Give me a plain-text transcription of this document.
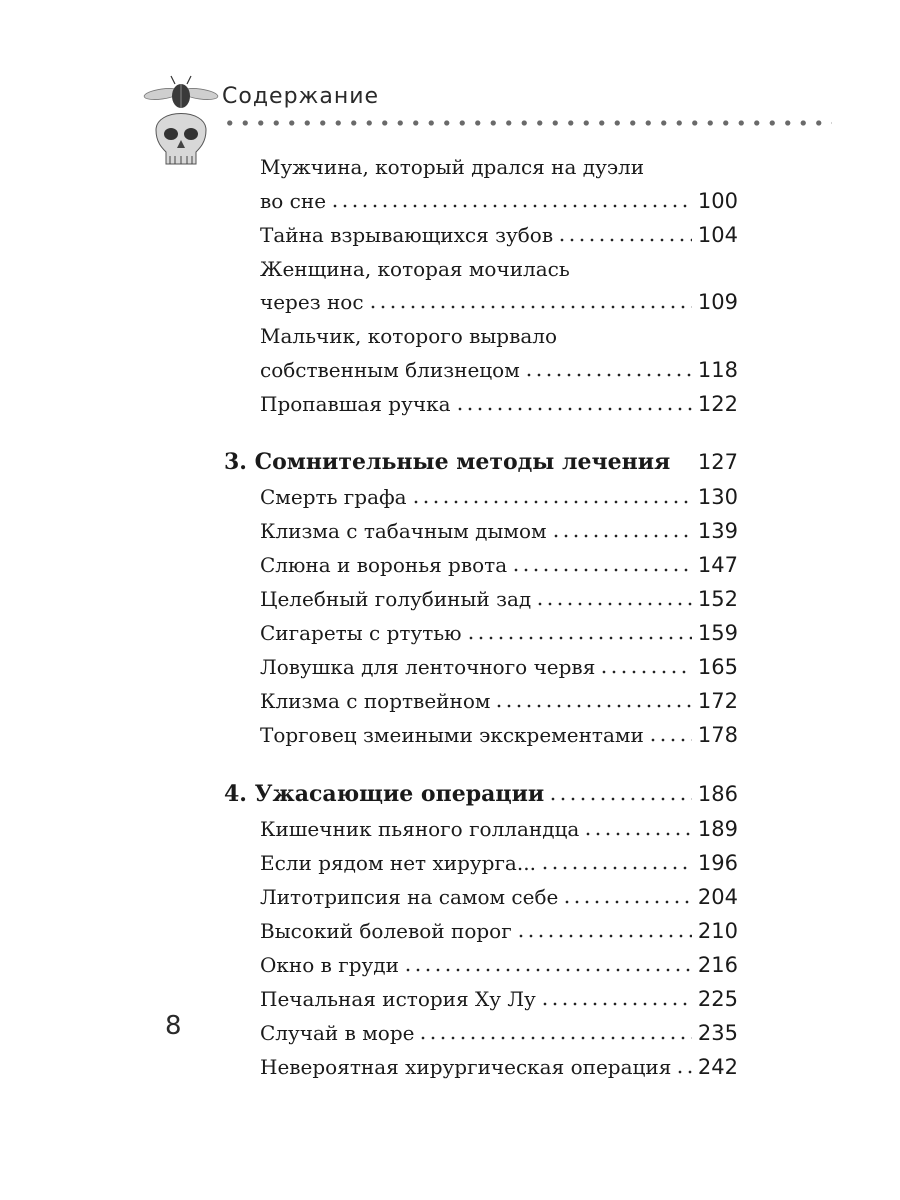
Содержание
Мужчина, который дрался на дуэли
во сне	100
Тайна взрывающихся зубов	104
Женщина, которая мочилась
через нос	109
Мальчик, которого вырвало
собственным близнецом	118
Пропавшая ручка	122
3. Сомнительные методы лечения 127
Смерть графа	130
Клизма с табачным дымом	139
Слюна и воронья рвота	147
Целебный голубиный зад	152
Сигареты с ртутью	159
Ловушка для ленточного червя	165
Клизма с портвейном	172
Торговец змеиными экскрементами	178
4. Ужасающие операции	186
Кишечник пьяного голландца	189
Если рядом нет хирурга...	196
Литотрипсия на самом себе	204
Высокий болевой порог	210
Окно в груди	216
Печальная история Ху Лу	225
Случай в море	235
Невероятная хирургическая операция 242
8
